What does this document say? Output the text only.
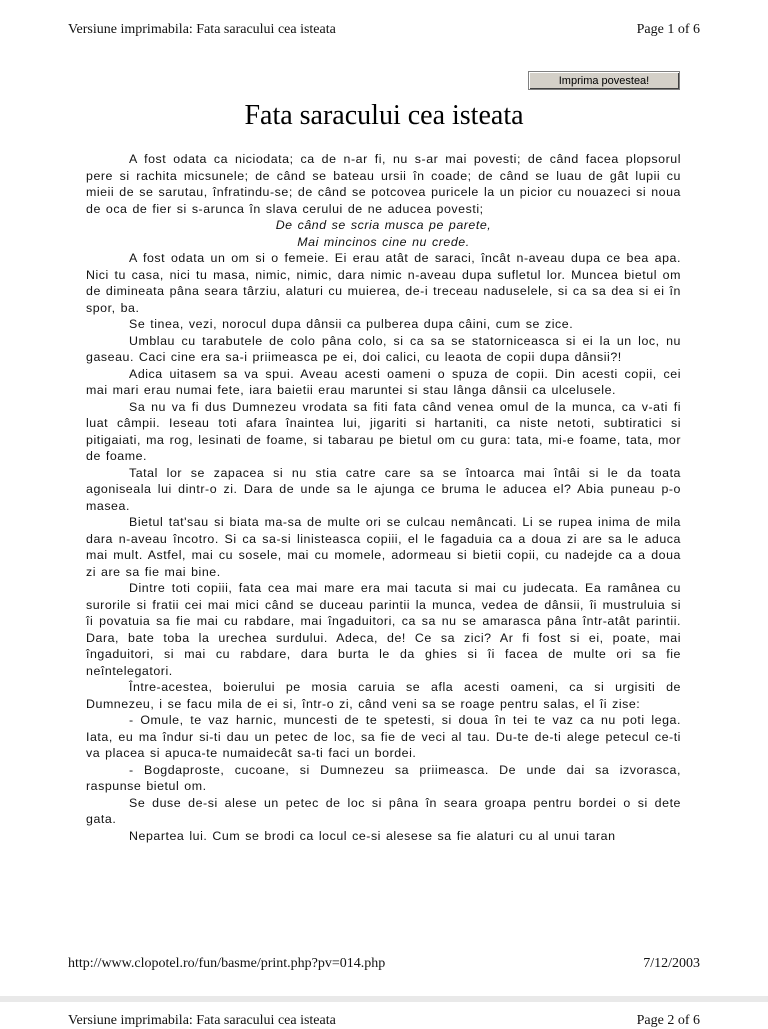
Versiune imprimabila: Fata saracului cea isteata	Page 1 of 6
Imprima povestea!
Fata saracului cea isteata

A fost odata ca niciodata; ca de n-ar fi, nu s-ar mai povesti; de când facea plopsorul pere si rachita micsunele; de când se bateau ursii în coade; de când se luau de gât lupii cu mieii de se sarutau, înfratindu-se; de când se potcovea puricele la un picior cu nouazeci si noua de oca de fier si s-arunca în slava cerului de ne aducea povesti;

De când se scria musca pe parete,

Mai mincinos cine nu crede.

A fost odata un om si o femeie. Ei erau atât de saraci, încât n-aveau dupa ce bea apa. Nici tu casa, nici tu masa, nimic, nimic, dara nimic n-aveau dupa sufletul lor. Muncea bietul om de dimineata pâna seara târziu, alaturi cu muierea, de-i treceau naduselele, si ca sa dea si ei în spor, ba.

Se tinea, vezi, norocul dupa dânsii ca pulberea dupa câini, cum se zice.

Umblau cu tarabutele de colo pâna colo, si ca sa se statorniceasca si ei la un loc, nu gaseau. Caci cine era sa-i priimeasca pe ei, doi calici, cu leaota de copii dupa dânsii?!

Adica uitasem sa va spui. Aveau acesti oameni o spuza de copii. Din acesti copii, cei mai mari erau numai fete, iara baietii erau maruntei si stau lânga dânsii ca ulcelusele.

Sa nu va fi dus Dumnezeu vrodata sa fiti fata când venea omul de la munca, ca v-ati fi luat câmpii. Ieseau toti afara înaintea lui, jigariti si hartaniti, ca niste netoti, subtiratici si pitigaiati, ma rog, lesinati de foame, si tabarau pe bietul om cu gura: tata, mi-e foame, tata, mor de foame.

Tatal lor se zapacea si nu stia catre care sa se întoarca mai întâi si le da toata agoniseala lui dintr-o zi. Dara de unde sa le ajunga ce bruma le aducea el? Abia puneau p-o masea.

Bietul tat'sau si biata ma-sa de multe ori se culcau nemâncati. Li se rupea inima de mila dara n-aveau încotro. Si ca sa-si linisteasca copiii, el le fagaduia ca a doua zi are sa le aduca mai mult. Astfel, mai cu sosele, mai cu momele, adormeau si bietii copii, cu nadejde ca a doua zi are sa fie mai bine.

Dintre toti copiii, fata cea mai mare era mai tacuta si mai cu judecata. Ea ramânea cu surorile si fratii cei mai mici când se duceau parintii la munca, vedea de dânsii, îi mustruluia si îi povatuia sa fie mai cu rabdare, mai îngaduitori, ca sa nu se amarasca pâna într-atât parintii. Dara, bate toba la urechea surdului. Adeca, de! Ce sa zici? Ar fi fost si ei, poate, mai îngaduitori, si mai cu rabdare, dara burta le da ghies si îi facea de multe ori sa fie neîntelegatori.

Între-acestea, boierului pe mosia caruia se afla acesti oameni, ca si urgisiti de Dumnezeu, i se facu mila de ei si, într-o zi, când veni sa se roage pentru salas, el îi zise:

- Omule, te vaz harnic, muncesti de te spetesti, si doua în tei te vaz ca nu poti lega. Iata, eu ma îndur si-ti dau un petec de loc, sa fie de veci al tau. Du-te de-ti alege petecul ce-ti va placea si apuca-te numaidecât sa-ti faci un bordei.

- Bogdaproste, cucoane, si Dumnezeu sa priimeasca. De unde dai sa izvorasca, raspunse bietul om.

Se duse de-si alese un petec de loc si pâna în seara groapa pentru bordei o si dete gata.

Nepartea lui. Cum se brodi ca locul ce-si alesese sa fie alaturi cu al unui taran

http://www.clopotel.ro/fun/basme/print.php?pv=014.php	7/12/2003
Versiune imprimabila: Fata saracului cea isteata	Page 2 of 6
